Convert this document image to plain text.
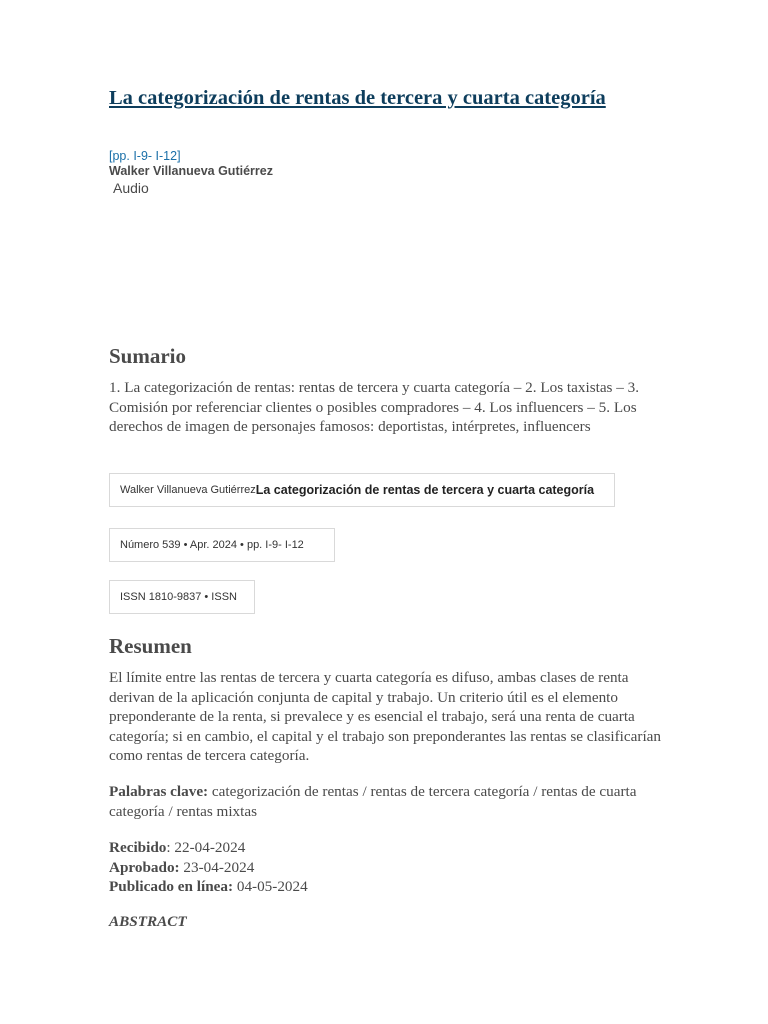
La categorización de rentas de tercera y cuarta categoría
[pp. I-9- I-12]
Walker Villanueva Gutiérrez
Audio
Sumario

1. La categorización de rentas: rentas de tercera y cuarta categoría – 2. Los taxistas – 3. Comisión por referenciar clientes o posibles compradores – 4. Los influencers – 5. Los derechos de imagen de personajes famosos: deportistas, intérpretes, influencers

Walker Villanueva Gutiérrez La categorización de rentas de tercera y cuarta categoría
Número 539 • Apr. 2024 • pp. I-9- I-12
ISSN 1810-9837 • ISSN
Resumen

El límite entre las rentas de tercera y cuarta categoría es difuso, ambas clases de renta derivan de la aplicación conjunta de capital y trabajo. Un criterio útil es el elemento preponderante de la renta, si prevalece y es esencial el trabajo, será una renta de cuarta categoría; si en cambio, el capital y el trabajo son preponderantes las rentas se clasificarían como rentas de tercera categoría.

Palabras clave: categorización de rentas / rentas de tercera categoría / rentas de cuarta categoría / rentas mixtas

Recibido: 22-04-2024
Aprobado: 23-04-2024
Publicado en línea: 04-05-2024

ABSTRACT
